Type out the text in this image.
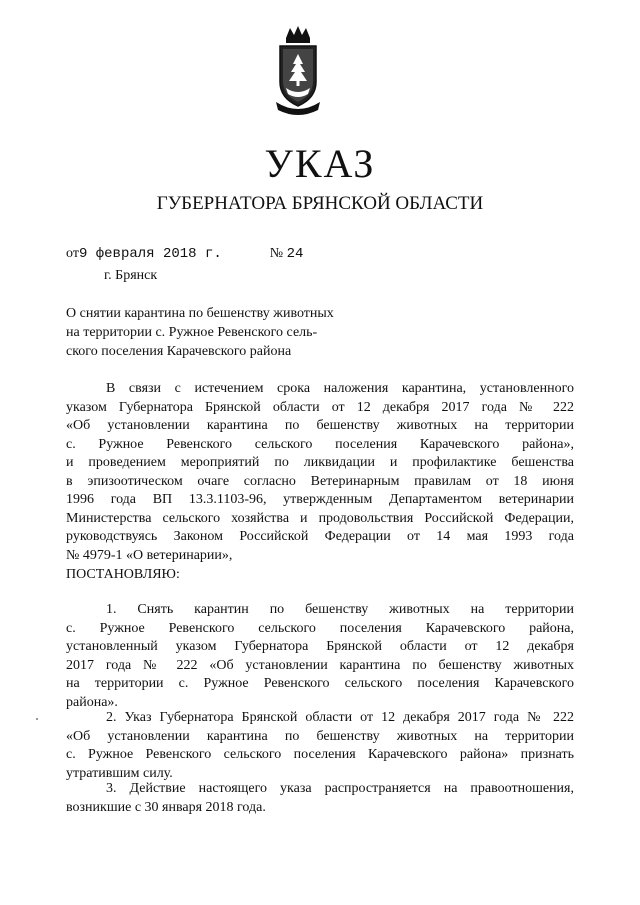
УКАЗ
ГУБЕРНАТОРА БРЯНСКОЙ ОБЛАСТИ
от9 февраля 2018 г.	№ 24
г. Брянск
О снятии карантина по бешенству животных
на территории с. Ружное Ревенского сель-
ского поселения Карачевского района
В связи с истечением срока наложения карантина, установленного
указом Губернатора Брянской области от 12 декабря 2017 года № 222
«Об установлении карантина по бешенству животных на территории
с. Ружное Ревенского сельского поселения Карачевского района»,
и проведением мероприятий по ликвидации и профилактике бешенства
в эпизоотическом очаге согласно Ветеринарным правилам от 18 июня
1996 года ВП 13.3.1103-96, утвержденным Департаментом ветеринарии
Министерства сельского хозяйства и продовольствия Российской Федерации,
руководствуясь Законом Российской Федерации от 14 мая 1993 года
№ 4979-1 «О ветеринарии»,
ПОСТАНОВЛЯЮ:
1. Снять карантин по бешенству животных на территории
с. Ружное Ревенского сельского поселения Карачевского района,
установленный указом Губернатора Брянской области от 12 декабря
2017 года № 222 «Об установлении карантина по бешенству животных
на территории с. Ружное Ревенского сельского поселения Карачевского
района».
2. Указ Губернатора Брянской области от 12 декабря 2017 года № 222
«Об установлении карантина по бешенству животных на территории
с. Ружное Ревенского сельского поселения Карачевского района» признать
утратившим силу.
3. Действие настоящего указа распространяется на правоотношения,
возникшие с 30 января 2018 года.
